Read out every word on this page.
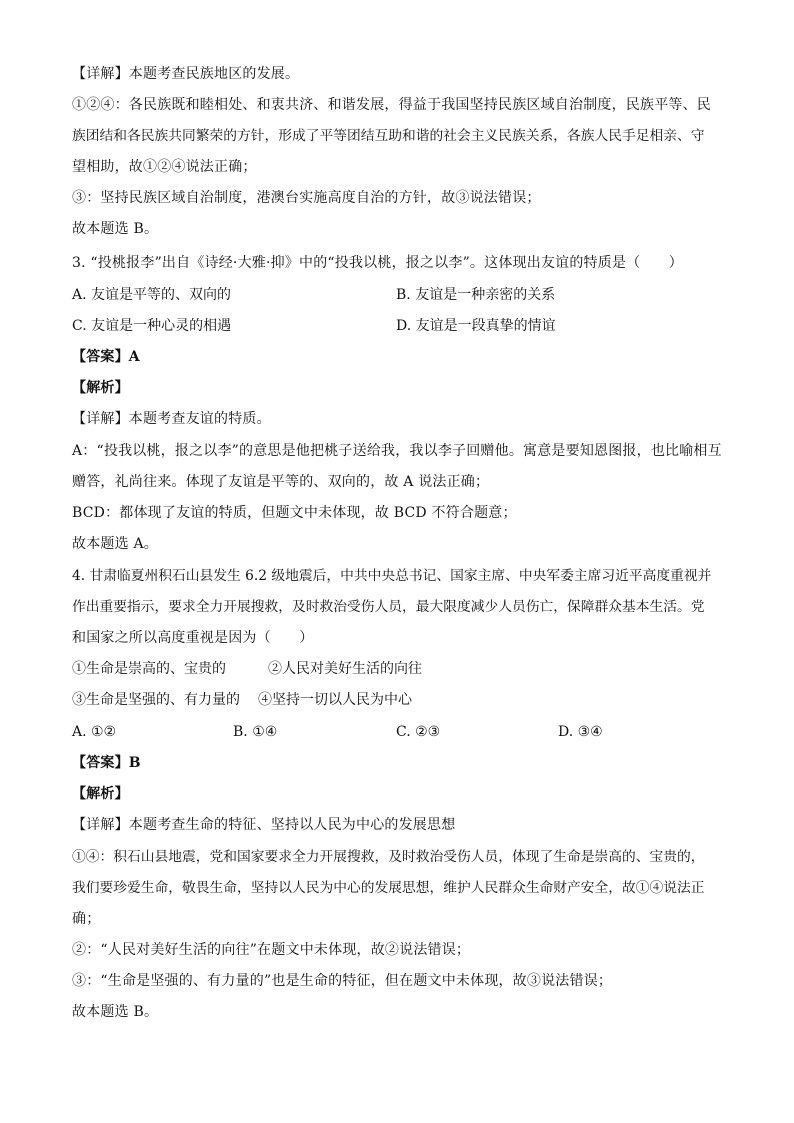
【详解】本题考查民族地区的发展。
①②④：各民族既和睦相处、和衷共济、和谐发展，得益于我国坚持民族区域自治制度，民族平等、民
族团结和各民族共同繁荣的方针，形成了平等团结互助和谐的社会主义民族关系，各族人民手足相亲、守
望相助，故①②④说法正确；
③：坚持民族区域自治制度，港澳台实施高度自治的方针，故③说法错误；
故本题选 B。
3. “投桃报李”出自《诗经·大雅·抑》中的“投我以桃，报之以李”。这体现出友谊的特质是（　　）
A. 友谊是平等的、双向的	B. 友谊是一种亲密的关系
C. 友谊是一种心灵的相遇	D. 友谊是一段真挚的情谊
【答案】A
【解析】
【详解】本题考查友谊的特质。
A：“投我以桃，报之以李”的意思是他把桃子送给我，我以李子回赠他。寓意是要知恩图报，也比喻相互
赠答，礼尚往来。体现了友谊是平等的、双向的，故 A 说法正确；
BCD：都体现了友谊的特质，但题文中未体现，故 BCD 不符合题意；
故本题选 A。
4. 甘肃临夏州积石山县发生 6.2 级地震后，中共中央总书记、国家主席、中央军委主席习近平高度重视并
作出重要指示，要求全力开展搜救，及时救治受伤人员，最大限度减少人员伤亡，保障群众基本生活。党
和国家之所以高度重视是因为（　　）
①生命是崇高的、宝贵的	②人民对美好生活的向往
③生命是坚强的、有力量的 ④坚持一切以人民为中心
A. ①②	B. ①④	C. ②③	D. ③④
【答案】B
【解析】
【详解】本题考查生命的特征、坚持以人民为中心的发展思想
①④：积石山县地震，党和国家要求全力开展搜救，及时救治受伤人员，体现了生命是崇高的、宝贵的，
我们要珍爱生命，敬畏生命，坚持以人民为中心的发展思想，维护人民群众生命财产安全，故①④说法正
确；
②：“人民对美好生活的向往”在题文中未体现，故②说法错误；
③：“生命是坚强的、有力量的”也是生命的特征，但在题文中未体现，故③说法错误；
故本题选 B。
